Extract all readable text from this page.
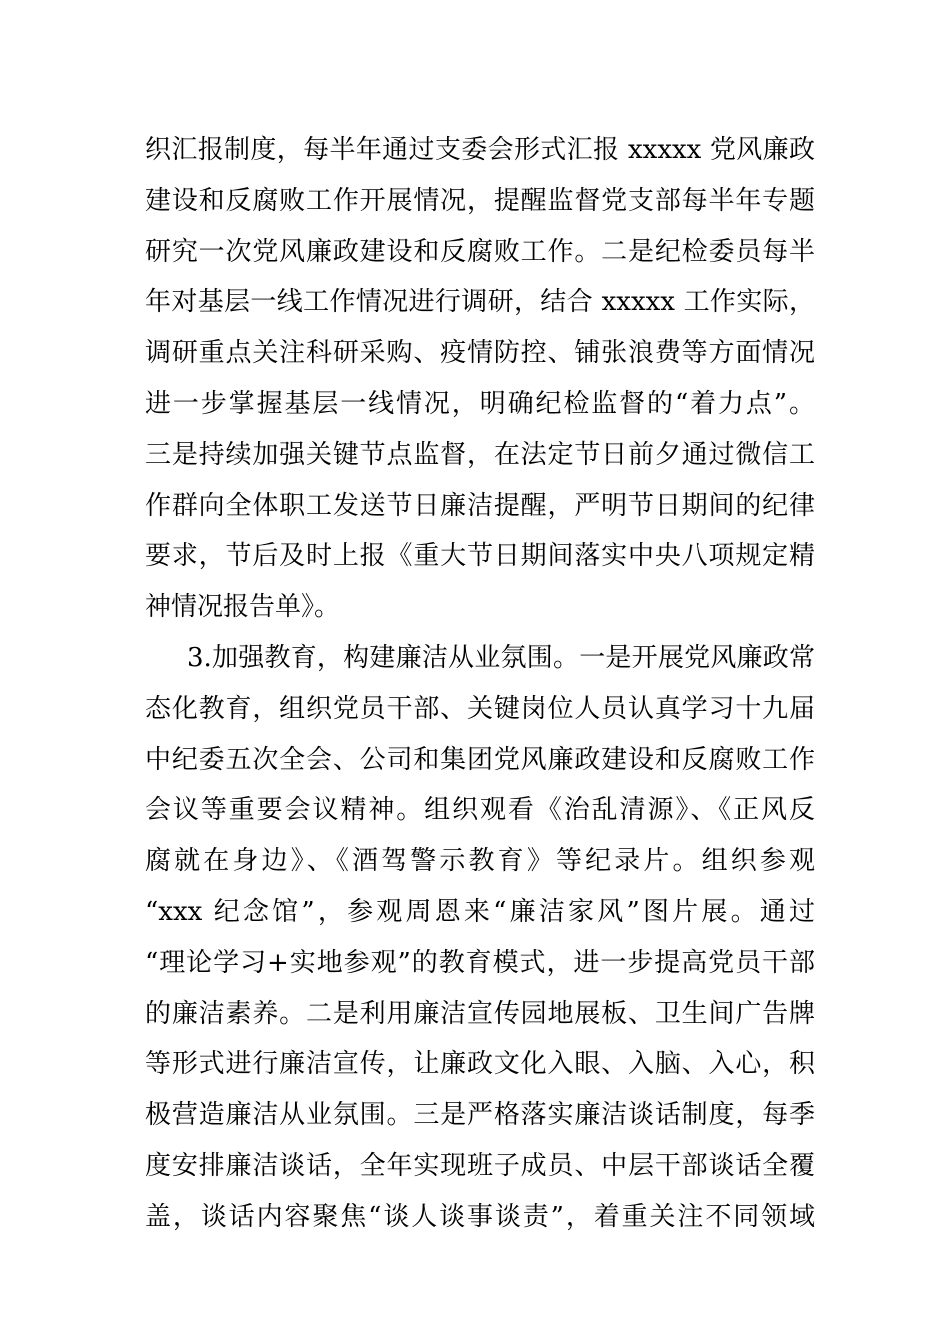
织汇报制度，每半年通过支委会形式汇报 xxxxx 党风廉政
建设和反腐败工作开展情况，提醒监督党支部每半年专题
研究一次党风廉政建设和反腐败工作。二是纪检委员每半
年对基层一线工作情况进行调研，结合 xxxxx 工作实际，
调研重点关注科研采购、疫情防控、铺张浪费等方面情况
进一步掌握基层一线情况，明确纪检监督的“着力点”。
三是持续加强关键节点监督，在法定节日前夕通过微信工
作群向全体职工发送节日廉洁提醒，严明节日期间的纪律
要求，节后及时上报《重大节日期间落实中央八项规定精
神情况报告单》。
3.加强教育，构建廉洁从业氛围。一是开展党风廉政常
态化教育，组织党员干部、关键岗位人员认真学习十九届
中纪委五次全会、公司和集团党风廉政建设和反腐败工作
会议等重要会议精神。组织观看《治乱清源》、《正风反
腐就在身边》、《酒驾警示教育》等纪录片。组织参观
“xxx 纪念馆”，参观周恩来“廉洁家风”图片展。通过
“理论学习+实地参观”的教育模式，进一步提高党员干部
的廉洁素养。二是利用廉洁宣传园地展板、卫生间广告牌
等形式进行廉洁宣传，让廉政文化入眼、入脑、入心，积
极营造廉洁从业氛围。三是严格落实廉洁谈话制度，每季
度安排廉洁谈话，全年实现班子成员、中层干部谈话全覆
盖，谈话内容聚焦“谈人谈事谈责”，着重关注不同领域
